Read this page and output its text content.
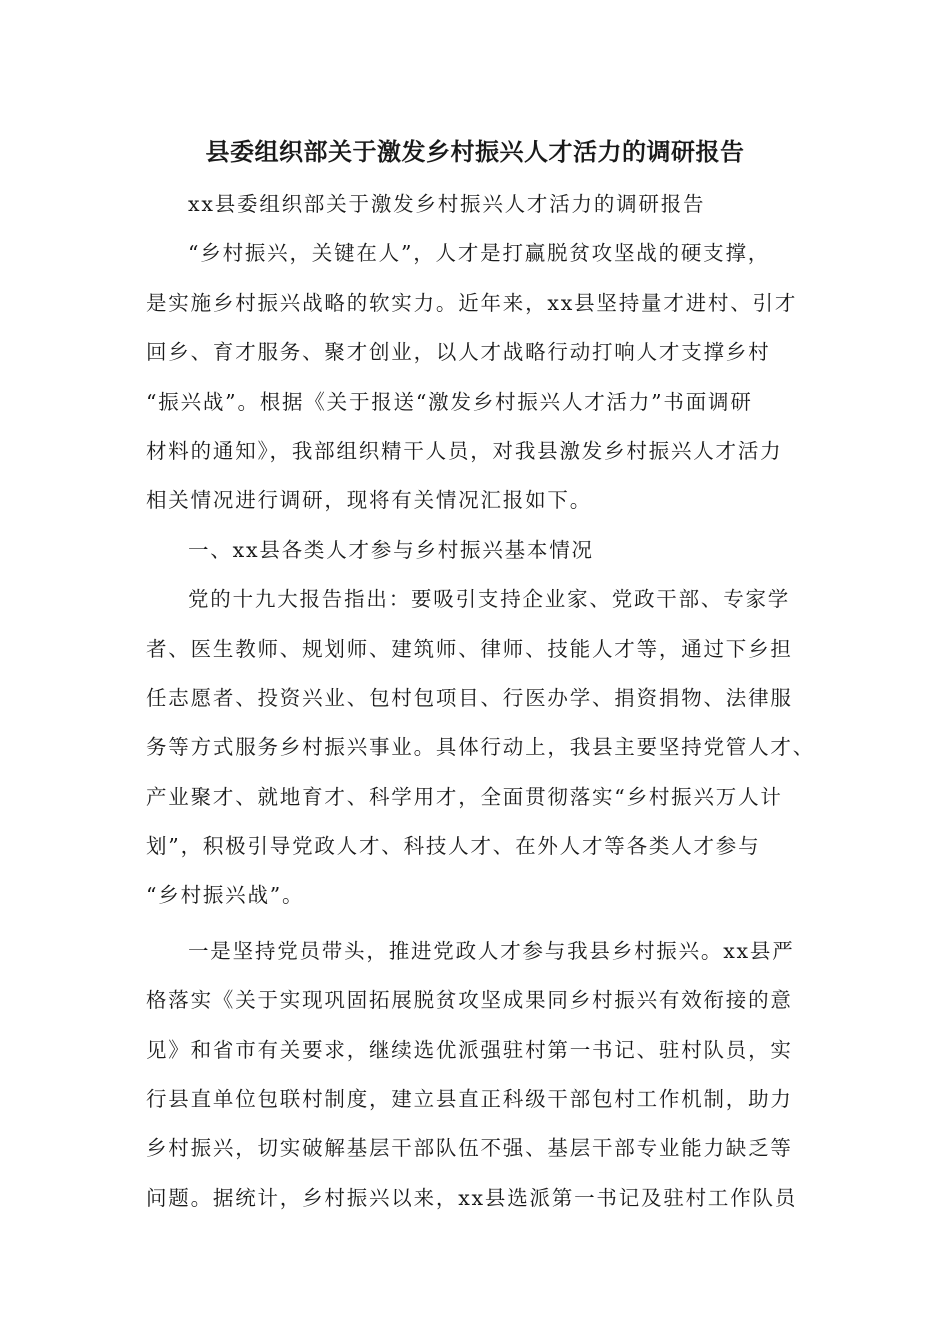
县委组织部关于激发乡村振兴人才活力的调研报告
xx县委组织部关于激发乡村振兴人才活力的调研报告
“乡村振兴，关键在人”，人才是打赢脱贫攻坚战的硬支撑，
是实施乡村振兴战略的软实力。近年来，xx县坚持量才进村、引才
回乡、育才服务、聚才创业，以人才战略行动打响人才支撑乡村
“振兴战”。根据《关于报送“激发乡村振兴人才活力”书面调研
材料的通知》，我部组织精干人员，对我县激发乡村振兴人才活力
相关情况进行调研，现将有关情况汇报如下。
一、xx县各类人才参与乡村振兴基本情况
党的十九大报告指出：要吸引支持企业家、党政干部、专家学
者、医生教师、规划师、建筑师、律师、技能人才等，通过下乡担
任志愿者、投资兴业、包村包项目、行医办学、捐资捐物、法律服
务等方式服务乡村振兴事业。具体行动上，我县主要坚持党管人才、
产业聚才、就地育才、科学用才，全面贯彻落实“乡村振兴万人计
划”，积极引导党政人才、科技人才、在外人才等各类人才参与
“乡村振兴战”。
一是坚持党员带头，推进党政人才参与我县乡村振兴。xx县严
格落实《关于实现巩固拓展脱贫攻坚成果同乡村振兴有效衔接的意
见》和省市有关要求，继续选优派强驻村第一书记、驻村队员，实
行县直单位包联村制度，建立县直正科级干部包村工作机制，助力
乡村振兴，切实破解基层干部队伍不强、基层干部专业能力缺乏等
问题。据统计，乡村振兴以来，xx县选派第一书记及驻村工作队员
